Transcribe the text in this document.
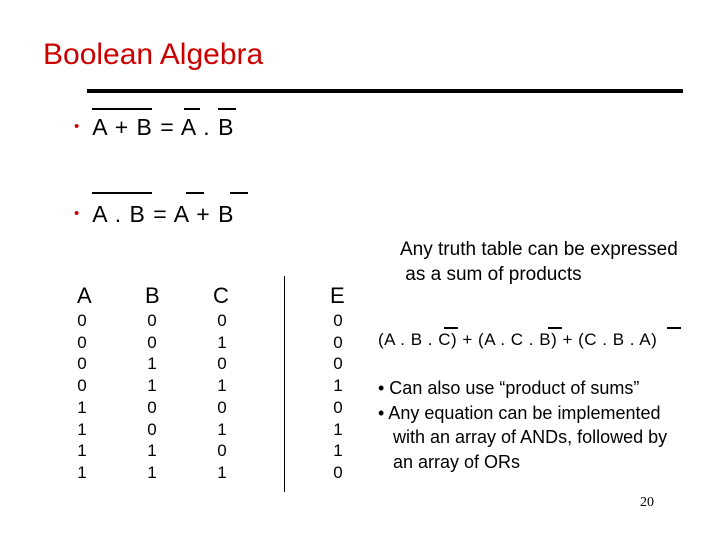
Boolean Algebra
• A + B = A . B
• A . B = A + B
A B C	E
0
0
0
0
1
1
1
1
0
0
1
1
0
0
1
1
0
1
0
1
0
1
0
1
0
0
0
1
0
1
1
0
Any truth table can be expressed
as a sum of products
(A . B . C) + (A . C . B) + (C . B . A)
• Can also use “product of sums”
• Any equation can be implemented
with an array of ANDs, followed by
an array of ORs
20
